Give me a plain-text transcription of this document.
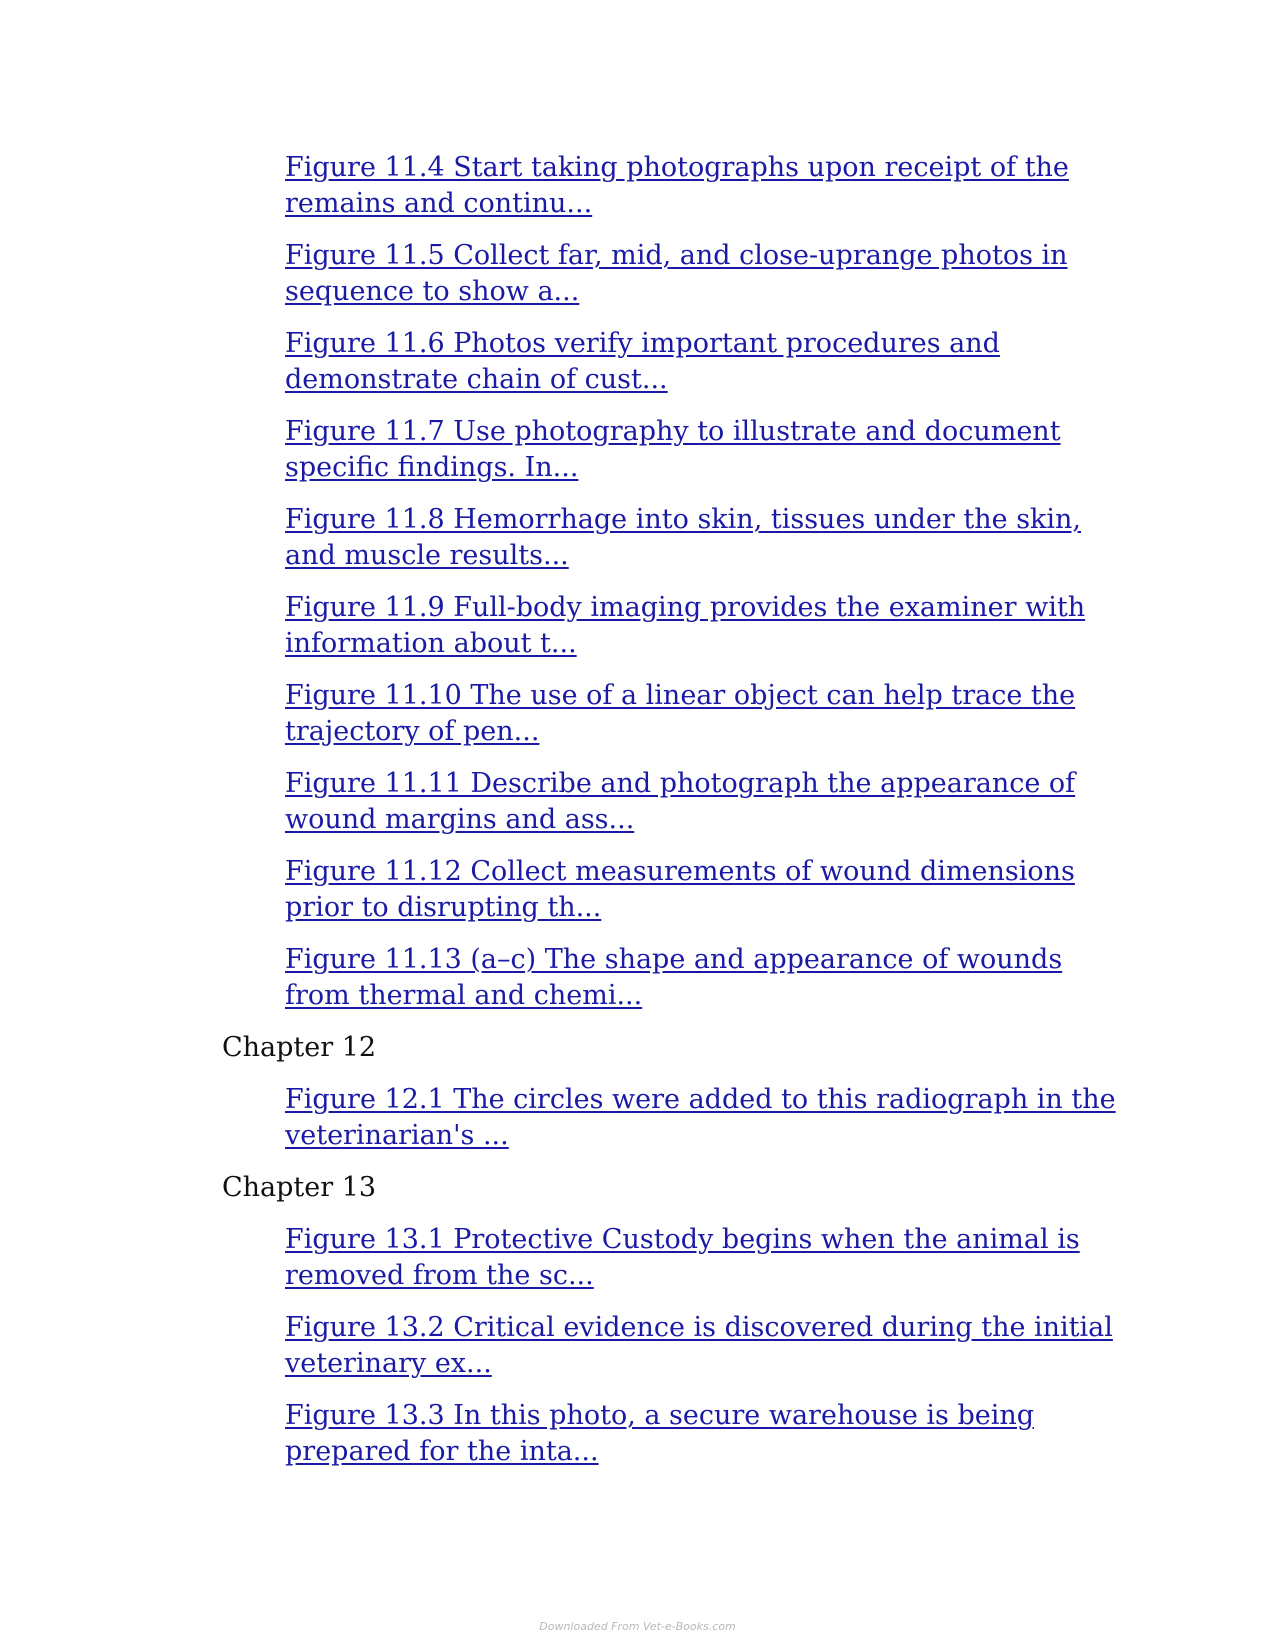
Figure 11.4 Start taking photographs upon receipt of the remains and continu...
Figure 11.5 Collect far, mid, and close-uprange photos in sequence to show a...
Figure 11.6 Photos verify important procedures and demonstrate chain of cust...
Figure 11.7 Use photography to illustrate and document specific findings. In...
Figure 11.8 Hemorrhage into skin, tissues under the skin, and muscle results...
Figure 11.9 Full-body imaging provides the examiner with information about t...
Figure 11.10 The use of a linear object can help trace the trajectory of pen...
Figure 11.11 Describe and photograph the appearance of wound margins and ass...
Figure 11.12 Collect measurements of wound dimensions prior to disrupting th...
Figure 11.13 (a–c) The shape and appearance of wounds from thermal and chemi...
Chapter 12
Figure 12.1 The circles were added to this radiograph in the veterinarian's ...
Chapter 13
Figure 13.1 Protective Custody begins when the animal is removed from the sc...
Figure 13.2 Critical evidence is discovered during the initial veterinary ex...
Figure 13.3 In this photo, a secure warehouse is being prepared for the inta...
Downloaded From Vet-e-Books.com
